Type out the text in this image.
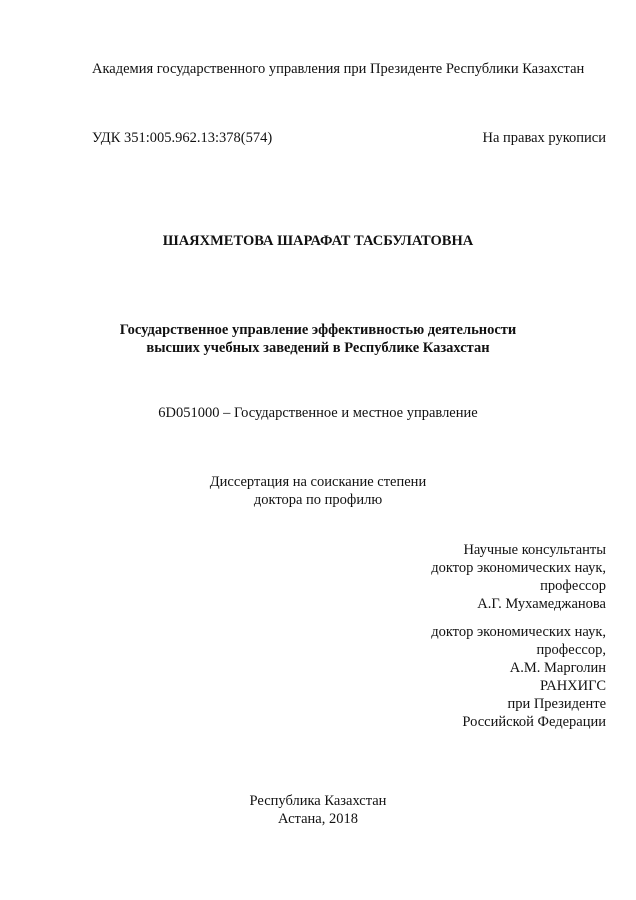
Академия государственного управления при Президенте Республики Казахстан
УДК 351:005.962.13:378(574)	На правах рукописи
ШАЯХМЕТОВА ШАРАФАТ ТАСБУЛАТОВНА
Государственное управление эффективностью деятельности
высших учебных заведений в Республике Казахстан
6D051000 – Государственное и местное управление
Диссертация на соискание степени
доктора по профилю
Научные консультанты
доктор экономических наук,
профессор
А.Г. Мухамеджанова
доктор экономических наук,
профессор,
А.М. Марголин
РАНХИГС
при Президенте
Российской Федерации
Республика Казахстан
Астана, 2018
